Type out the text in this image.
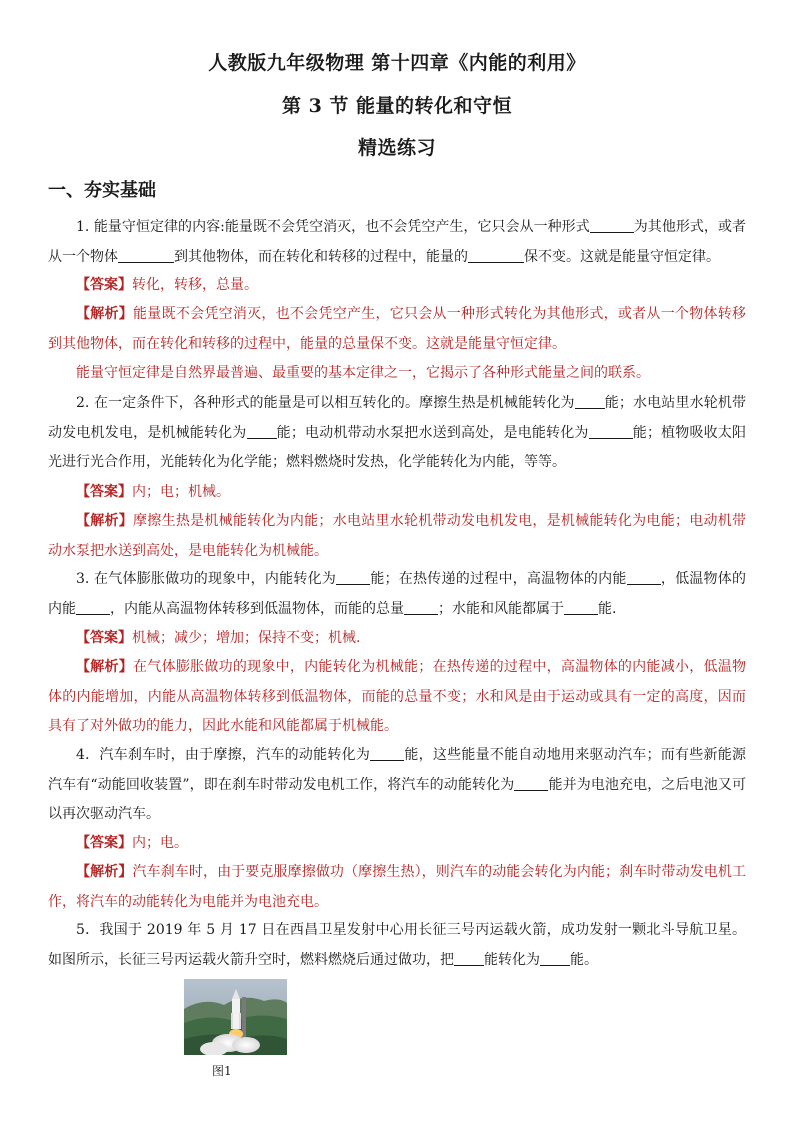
人教版九年级物理 第十四章《内能的利用》
第 3 节 能量的转化和守恒
精选练习
一、夯实基础

1. 能量守恒定律的内容:能量既不会凭空消灭，也不会凭空产生，它只会从一种形式	为其他形式，或者从一个物体	到其他物体，而在转化和转移的过程中，能量的	保不变。这就是能量守恒定律。

【答案】转化，转移，总量。

【解析】能量既不会凭空消灭，也不会凭空产生，它只会从一种形式转化为其他形式，或者从一个物体转移到其他物体，而在转化和转移的过程中，能量的总量保不变。这就是能量守恒定律。

能量守恒定律是自然界最普遍、最重要的基本定律之一，它揭示了各种形式能量之间的联系。

2. 在一定条件下，各种形式的能量是可以相互转化的。摩擦生热是机械能转化为 能；水电站里水轮机带动发电机发电，是机械能转化为 能；电动机带动水泵把水送到高处，是电能转化为	能；植物吸收太阳光进行光合作用，光能转化为化学能；燃料燃烧时发热，化学能转化为内能，等等。

【答案】内；电；机械。

【解析】摩擦生热是机械能转化为内能；水电站里水轮机带动发电机发电，是机械能转化为电能；电动机带动水泵把水送到高处，是电能转化为机械能。

3. 在气体膨胀做功的现象中，内能转化为 能；在热传递的过程中，高温物体的内能 ，低温物体的内能 ，内能从高温物体转移到低温物体，而能的总量 ；水能和风能都属于 能.

【答案】机械；减少；增加；保持不变；机械.

【解析】在气体膨胀做功的现象中，内能转化为机械能；在热传递的过程中，高温物体的内能减小，低温物体的内能增加，内能从高温物体转移到低温物体，而能的总量不变；水和风是由于运动或具有一定的高度，因而具有了对外做功的能力，因此水能和风能都属于机械能。

4．汽车刹车时，由于摩擦，汽车的动能转化为 能，这些能量不能自动地用来驱动汽车；而有些新能源汽车有“动能回收装置”，即在刹车时带动发电机工作，将汽车的动能转化为 能并为电池充电，之后电池又可以再次驱动汽车。

【答案】内；电。

【解析】汽车刹车时，由于要克服摩擦做功（摩擦生热），则汽车的动能会转化为内能；刹车时带动发电机工作，将汽车的动能转化为电能并为电池充电。

5．我国于 2019 年 5 月 17 日在西昌卫星发射中心用长征三号丙运载火箭，成功发射一颗北斗导航卫星。如图所示，长征三号丙运载火箭升空时，燃料燃烧后通过做功，把 能转化为 能。

图1
